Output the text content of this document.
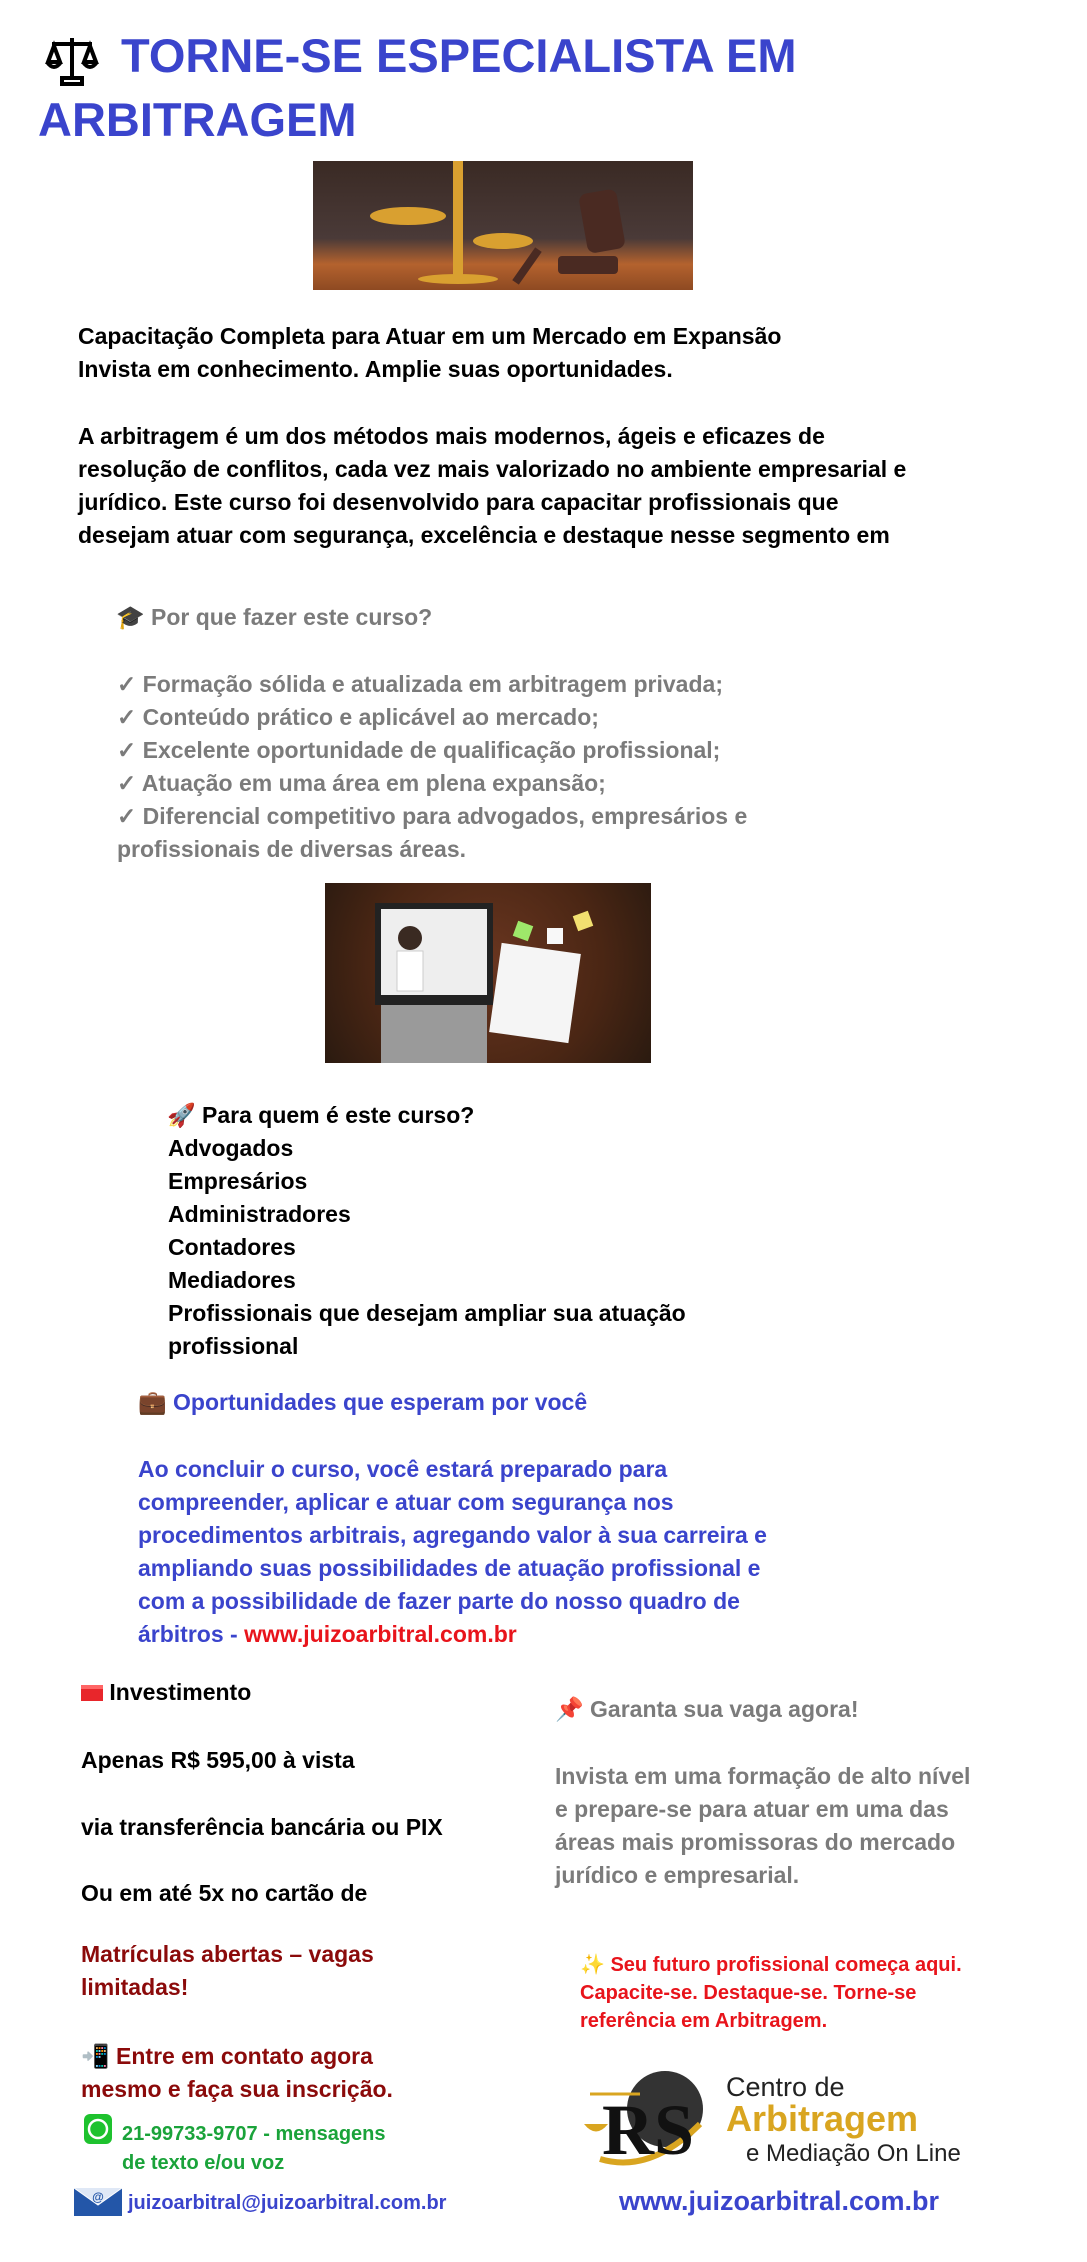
TORNE-SE ESPECIALISTA EM
ARBITRAGEM
Capacitação Completa para Atuar em um Mercado em Expansão
Invista em conhecimento. Amplie suas oportunidades.
A arbitragem é um dos métodos mais modernos, ágeis e eficazes de
resolução de conflitos, cada vez mais valorizado no ambiente empresarial e
jurídico. Este curso foi desenvolvido para capacitar profissionais que
desejam atuar com segurança, excelência e destaque nesse segmento em
🎓 Por que fazer este curso?
✓ Formação sólida e atualizada em arbitragem privada;
✓ Conteúdo prático e aplicável ao mercado;
✓ Excelente oportunidade de qualificação profissional;
✓ Atuação em uma área em plena expansão;
✓ Diferencial competitivo para advogados, empresários e
profissionais de diversas áreas.
🚀 Para quem é este curso?
Advogados
Empresários
Administradores
Contadores
Mediadores
Profissionais que desejam ampliar sua atuação
profissional
💼 Oportunidades que esperam por você
Ao concluir o curso, você estará preparado para
compreender, aplicar e atuar com segurança nos
procedimentos arbitrais, agregando valor à sua carreira e
ampliando suas possibilidades de atuação profissional e
com a possibilidade de fazer parte do nosso quadro de
árbitros - www.juizoarbitral.com.br
Investimento
Apenas R$ 595,00 à vista
via transferência bancária ou PIX
Ou em até 5x no cartão de
Matrículas abertas – vagas
limitadas!
📲 Entre em contato agora
mesmo e faça sua inscrição.
21-99733-9707 - mensagens
de texto e/ou voz
@ juizoarbitral@juizoarbitral.com.br
📌 Garanta sua vaga agora!
Invista em uma formação de alto nível
e prepare-se para atuar em uma das
áreas mais promissoras do mercado
jurídico e empresarial.
✨ Seu futuro profissional começa aqui.
Capacite-se. Destaque-se. Torne-se
referência em Arbitragem.
RS
Centro de
Arbitragem
e Mediação On Line
www.juizoarbitral.com.br
